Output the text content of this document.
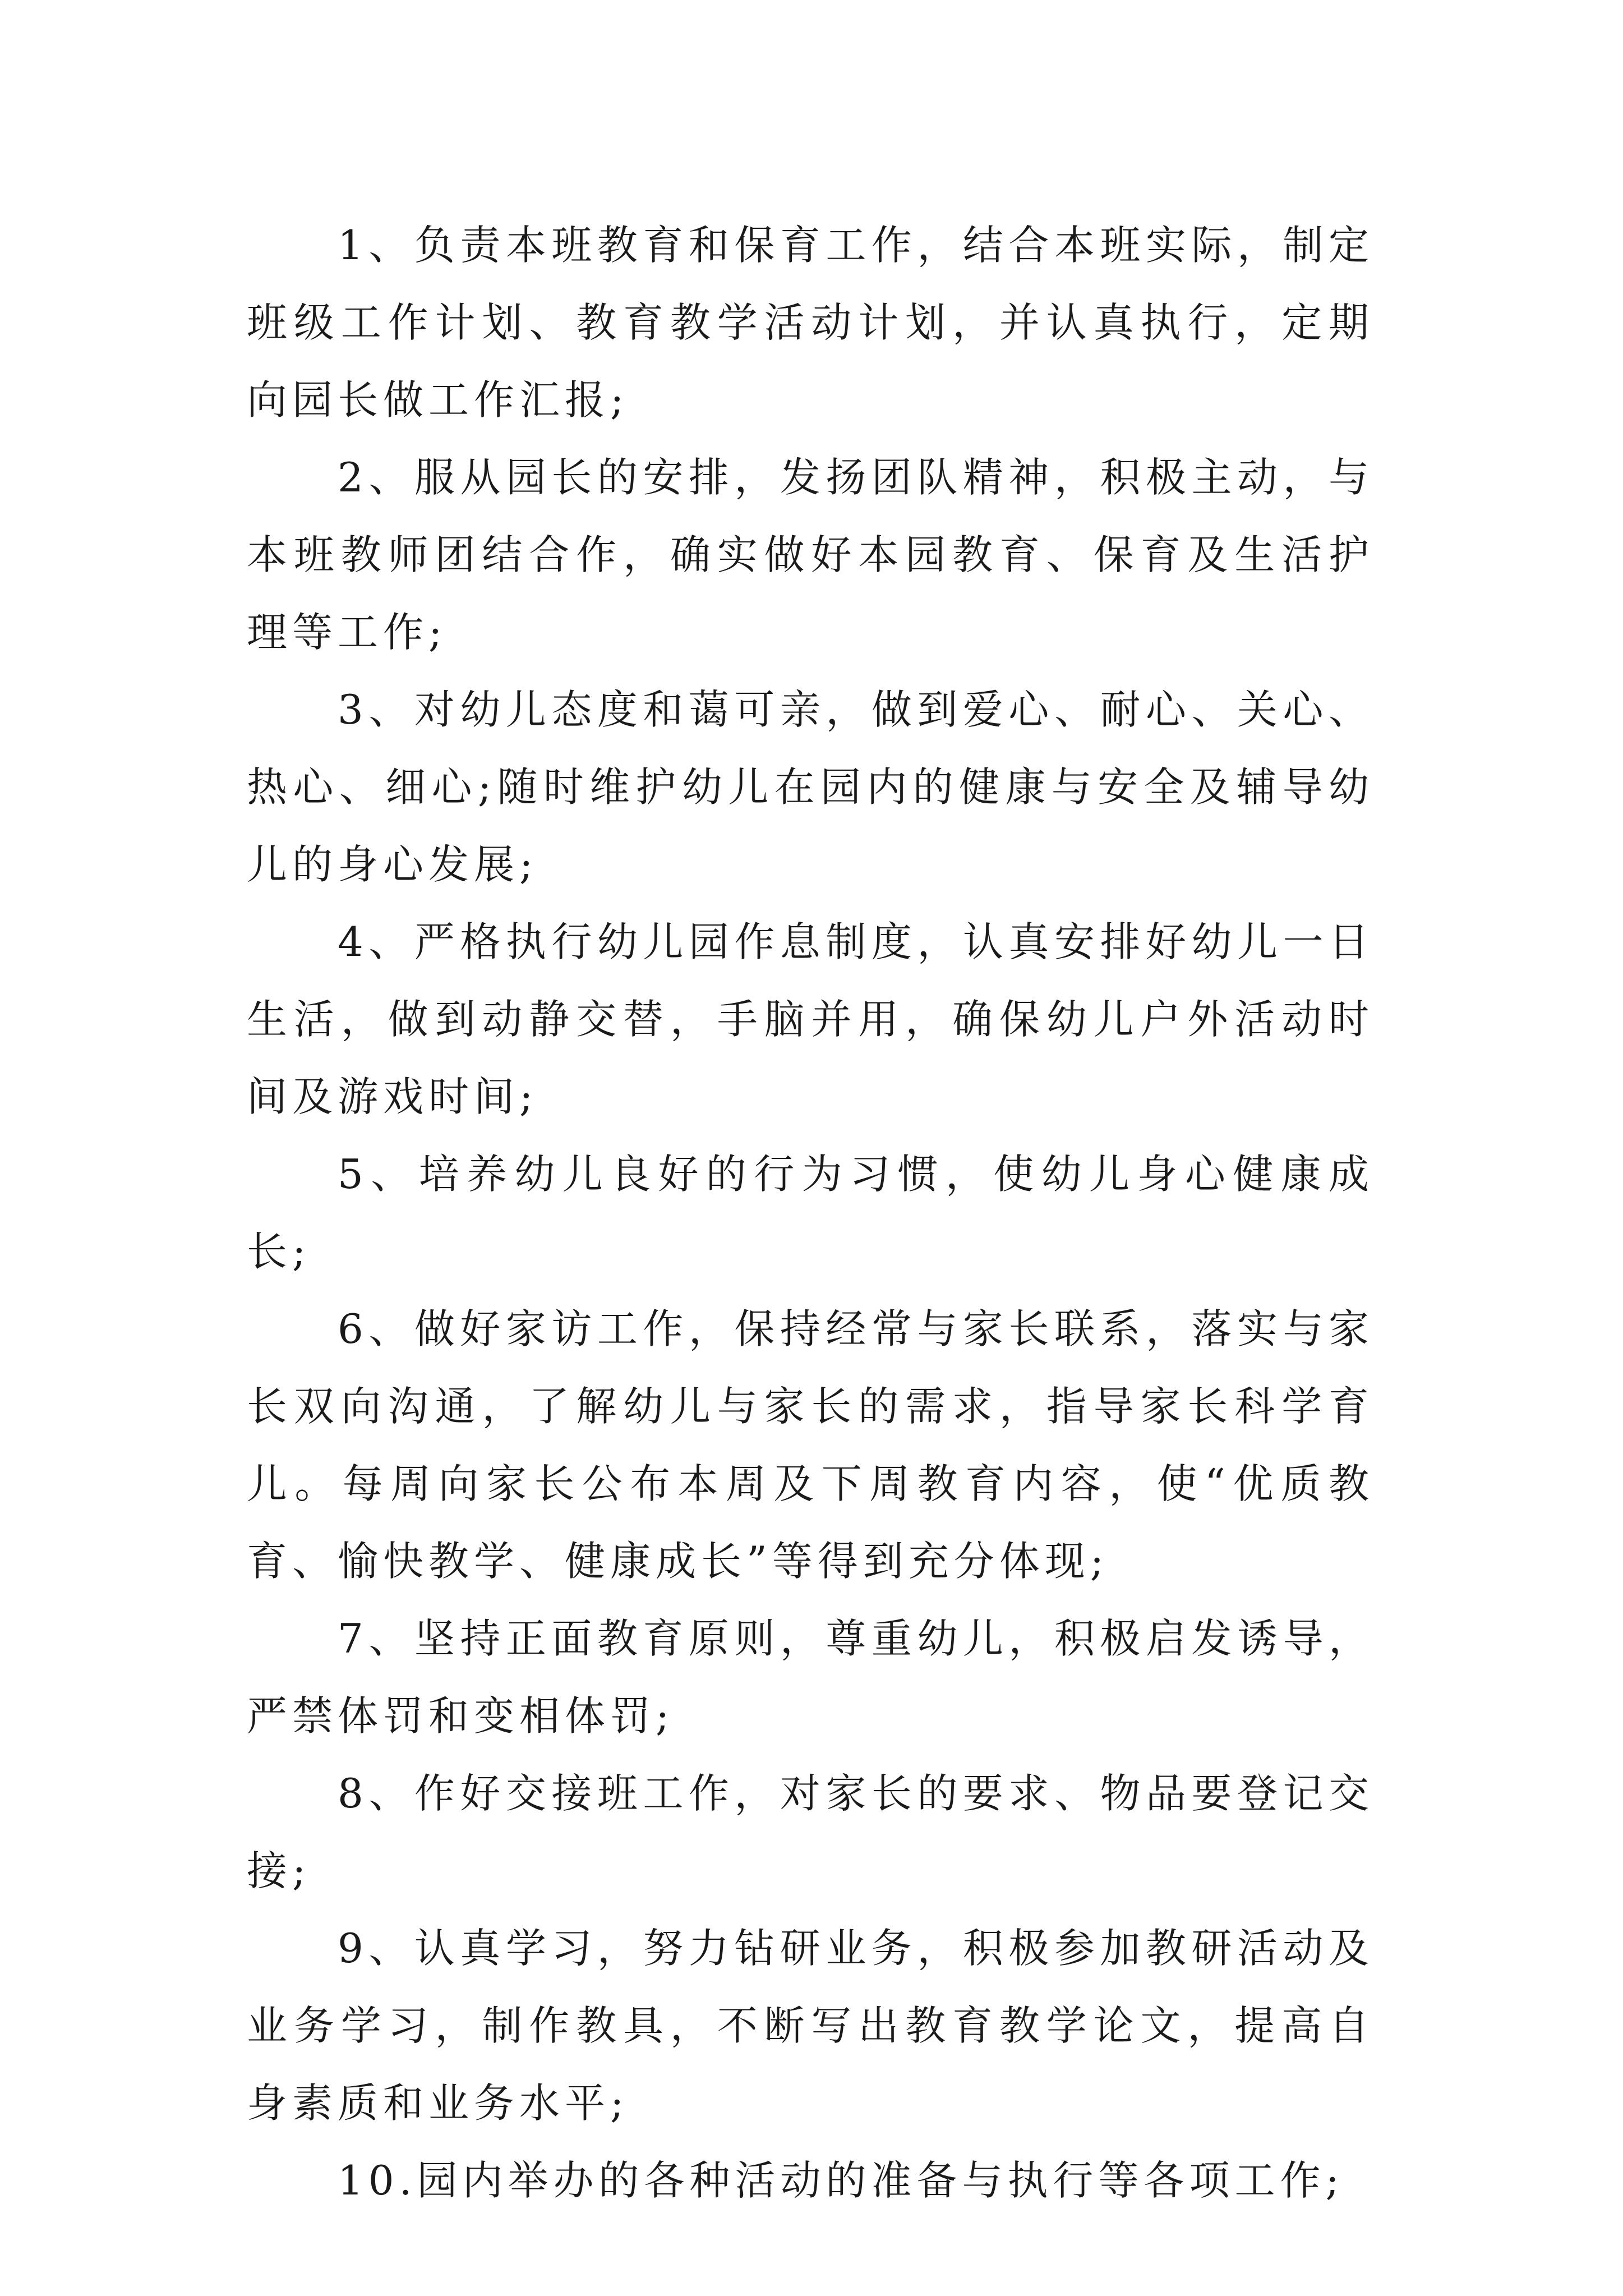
1、负责本班教育和保育工作，结合本班实际，制定班级工作计划、教育教学活动计划，并认真执行，定期向园长做工作汇报;

2、服从园长的安排，发扬团队精神，积极主动，与本班教师团结合作，确实做好本园教育、保育及生活护理等工作;

3、对幼儿态度和蔼可亲，做到爱心、耐心、关心、热心、细心;随时维护幼儿在园内的健康与安全及辅导幼儿的身心发展;

4、严格执行幼儿园作息制度，认真安排好幼儿一日生活，做到动静交替，手脑并用，确保幼儿户外活动时间及游戏时间;

5、培养幼儿良好的行为习惯，使幼儿身心健康成长;

6、做好家访工作，保持经常与家长联系，落实与家长双向沟通，了解幼儿与家长的需求，指导家长科学育儿。每周向家长公布本周及下周教育内容，使“优质教育、愉快教学、健康成长”等得到充分体现;

7、坚持正面教育原则，尊重幼儿，积极启发诱导，严禁体罚和变相体罚;

8、作好交接班工作，对家长的要求、物品要登记交接;

9、认真学习，努力钻研业务，积极参加教研活动及业务学习，制作教具，不断写出教育教学论文，提高自身素质和业务水平;

10.园内举办的各种活动的准备与执行等各项工作;
